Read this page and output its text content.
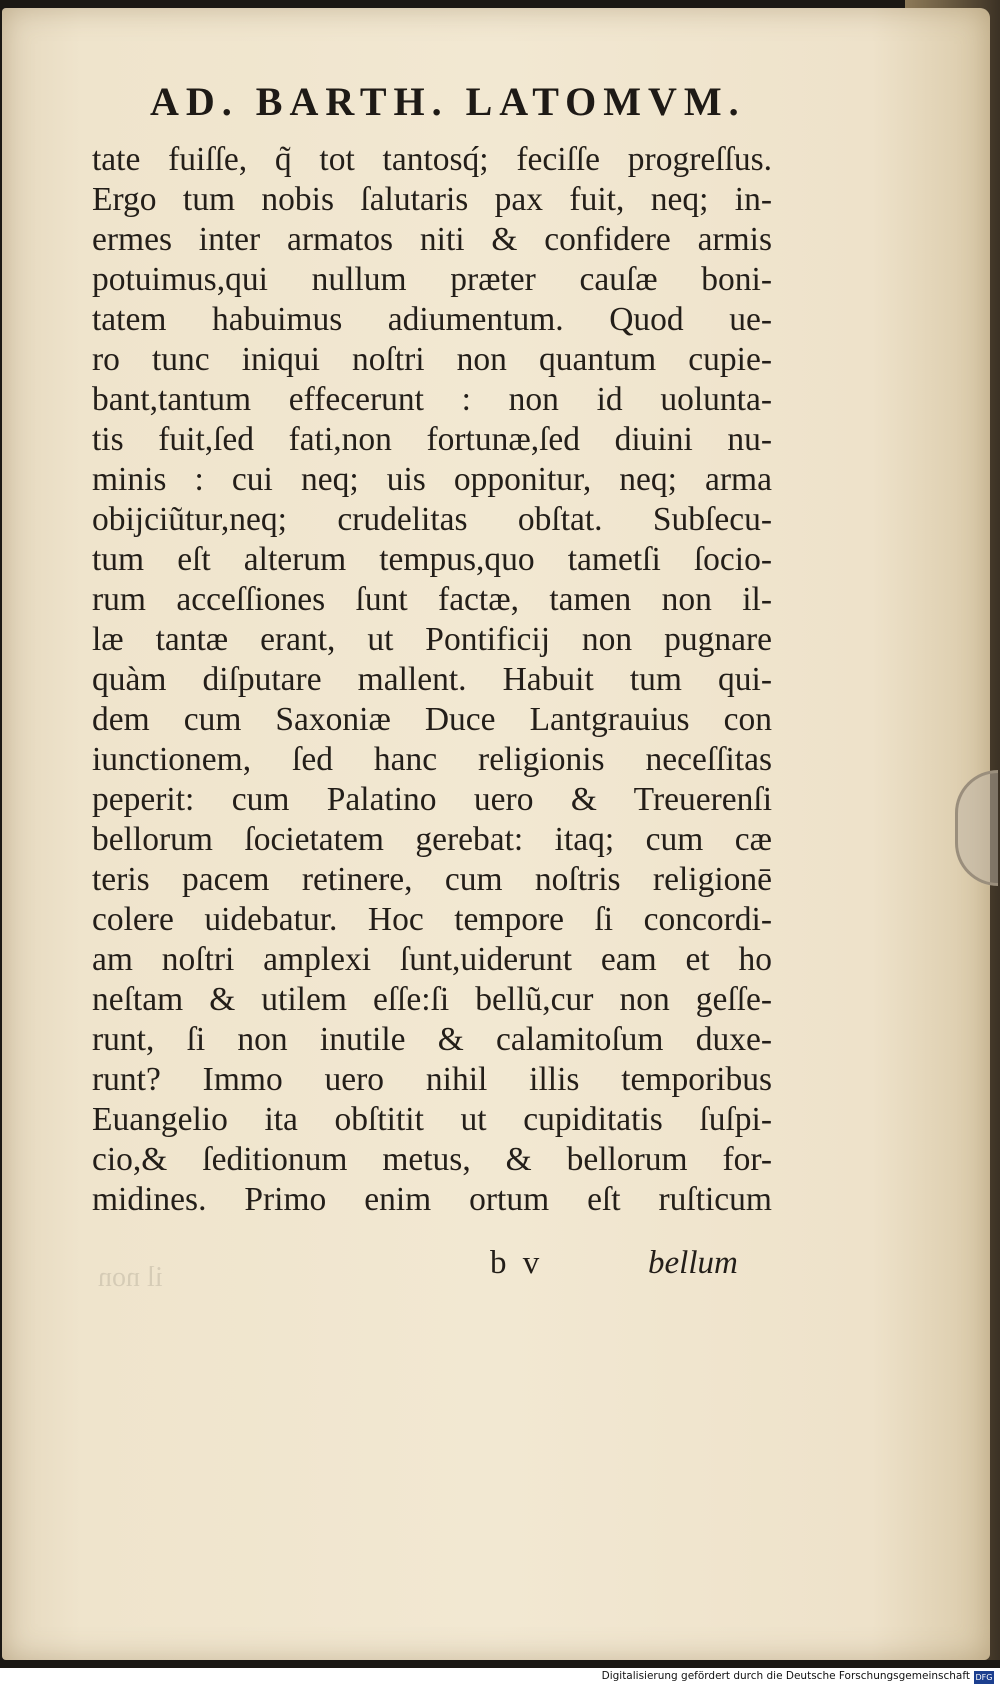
AD. BARTH. LATOMVM.
tate fuiſſe, q̃ tot tantosq́; feciſſe progreſſus.
Ergo tum nobis ſalutaris pax fuit, neq; in-
ermes inter armatos niti & confidere armis
potuimus,qui nullum præter cauſæ boni-
tatem habuimus adiumentum. Quod ue-
ro tunc iniqui noſtri non quantum cupie-
bant,tantum effecerunt : non id uolunta-
tis fuit,ſed fati,non fortunæ,ſed diuini nu-
minis : cui neq; uis opponitur, neq; arma
obijciũtur,neq; crudelitas obſtat. Subſecu-
tum eſt alterum tempus,quo tametſi ſocio-
rum acceſſiones ſunt factæ, tamen non il-
læ tantæ erant, ut Pontificij non pugnare
quàm diſputare mallent. Habuit tum qui-
dem cum Saxoniæ Duce Lantgrauius con
iunctionem, ſed hanc religionis neceſſitas
peperit: cum Palatino uero & Treuerenſi
bellorum ſocietatem gerebat: itaq; cum cæ
teris pacem retinere, cum noſtris religionē
colere uidebatur. Hoc tempore ſi concordi-
am noſtri amplexi ſunt,uiderunt eam et ho
neſtam & utilem eſſe:ſi bellũ,cur non geſſe-
runt, ſi non inutile & calamitoſum duxe-
runt? Immo uero nihil illis temporibus
Euangelio ita obſtitit ut cupiditatis ſuſpi-
cio,& ſeditionum metus, & bellorum for-
midines. Primo enim ortum eſt ruſticum
il non	b v	bellum
Digitalisierung gefördert durch die Deutsche Forschungsgemeinschaft DFG
